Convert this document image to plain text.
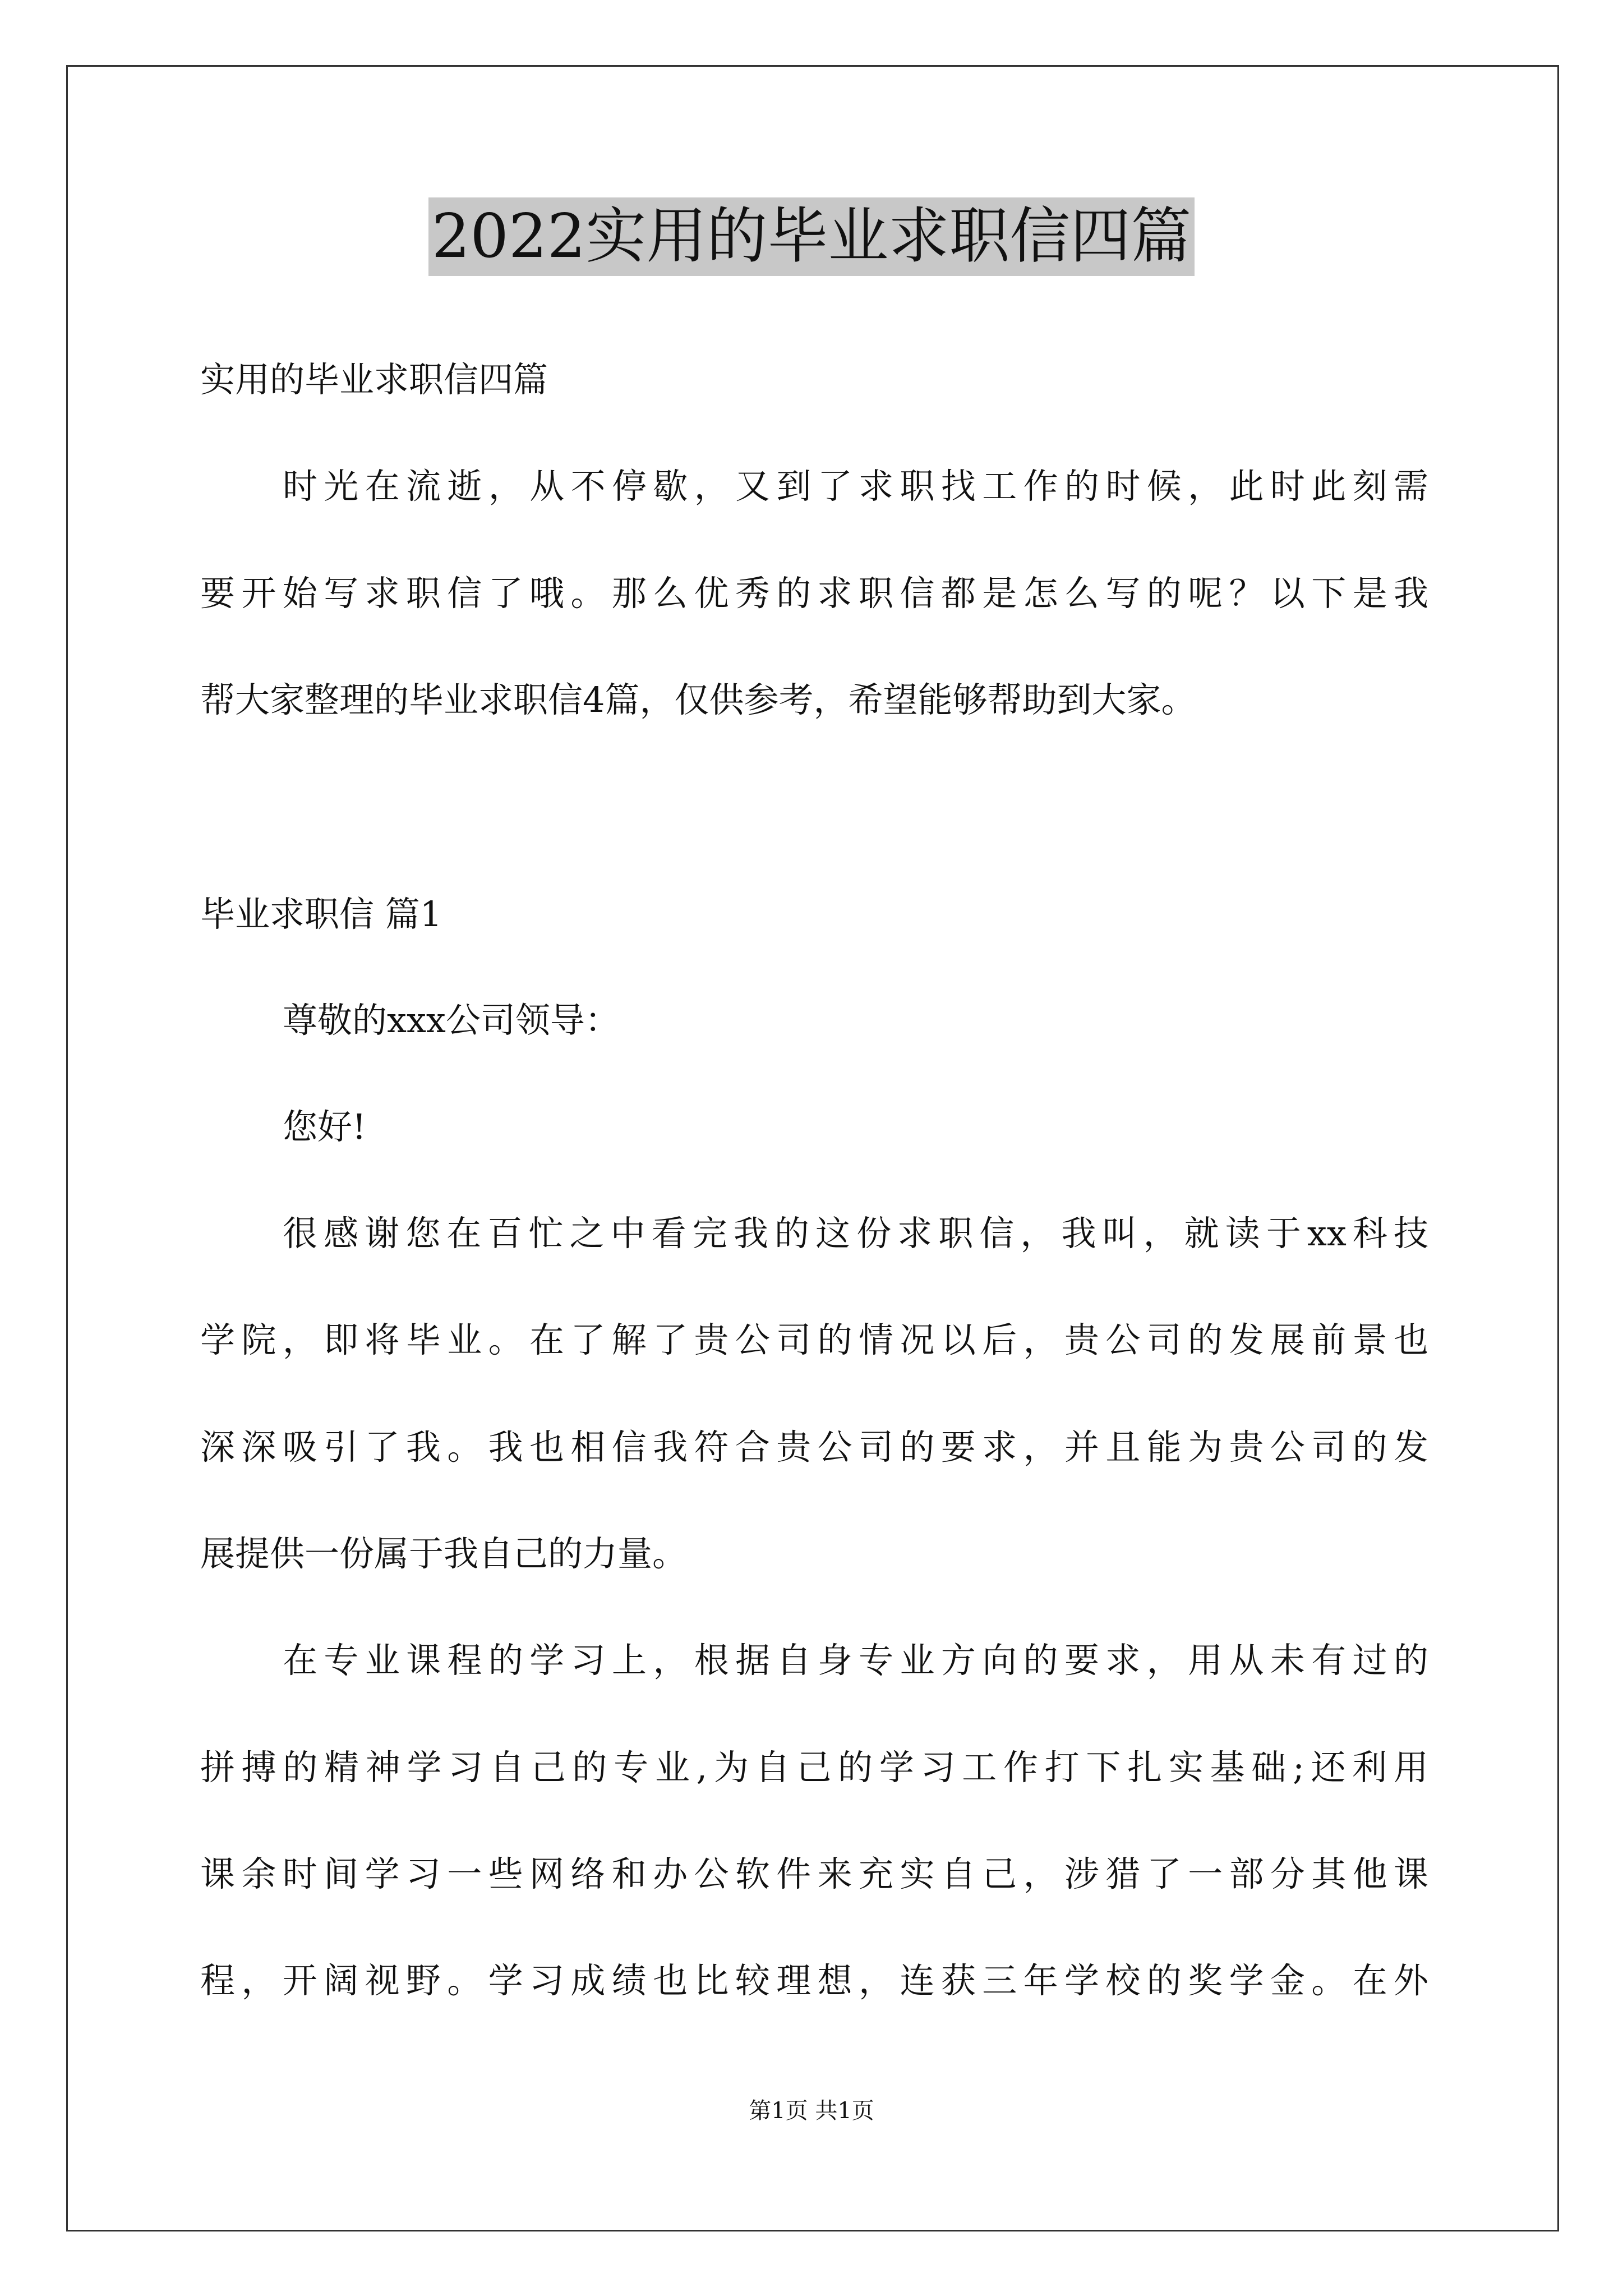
2022实用的毕业求职信四篇
实用的毕业求职信四篇
时光在流逝，从不停歇，又到了求职找工作的时候，此时此刻需
要开始写求职信了哦。那么优秀的求职信都是怎么写的呢？以下是我
帮大家整理的毕业求职信4篇，仅供参考，希望能够帮助到大家。
毕业求职信 篇1
尊敬的xxx公司领导：
您好!
很感谢您在百忙之中看完我的这份求职信，我叫，就读于xx科技
学院，即将毕业。在了解了贵公司的情况以后，贵公司的发展前景也
深深吸引了我。我也相信我符合贵公司的要求，并且能为贵公司的发
展提供一份属于我自己的力量。
在专业课程的学习上，根据自身专业方向的要求，用从未有过的
拼搏的精神学习自己的专业,为自己的学习工作打下扎实基础;还利用
课余时间学习一些网络和办公软件来充实自己，涉猎了一部分其他课
程，开阔视野。学习成绩也比较理想，连获三年学校的奖学金。在外
第1页 共1页
